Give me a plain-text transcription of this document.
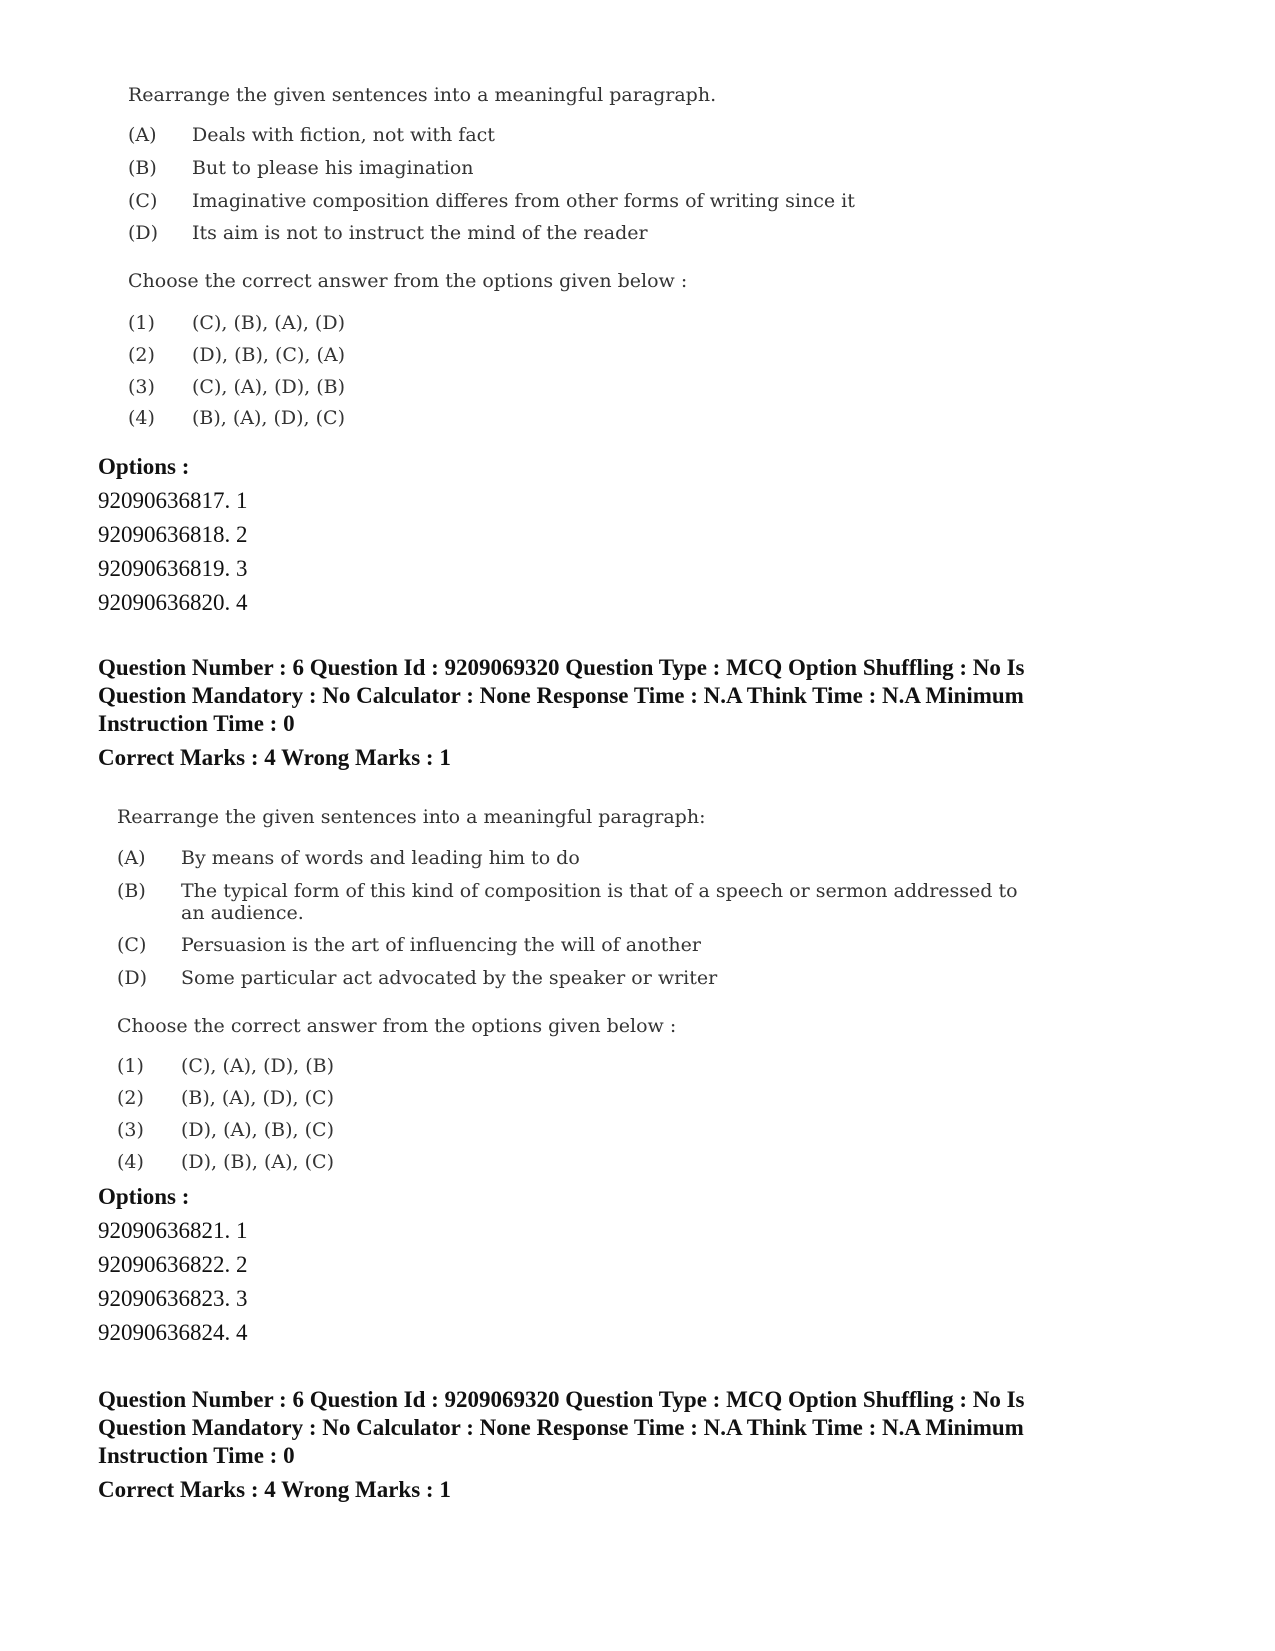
Rearrange the given sentences into a meaningful paragraph.
(A) Deals with fiction, not with fact
(B) But to please his imagination
(C) Imaginative composition differes from other forms of writing since it
(D) Its aim is not to instruct the mind of the reader
Choose the correct answer from the options given below :
(1) (C), (B), (A), (D)
(2) (D), (B), (C), (A)
(3) (C), (A), (D), (B)
(4) (B), (A), (D), (C)
Options :
92090636817. 1
92090636818. 2
92090636819. 3
92090636820. 4
Question Number : 6 Question Id : 9209069320 Question Type : MCQ Option Shuffling : No Is
Question Mandatory : No Calculator : None Response Time : N.A Think Time : N.A Minimum
Instruction Time : 0
Correct Marks : 4 Wrong Marks : 1
Rearrange the given sentences into a meaningful paragraph:
(A) By means of words and leading him to do
(B) The typical form of this kind of composition is that of a speech or sermon addressed to
an audience.
(C) Persuasion is the art of influencing the will of another
(D) Some particular act advocated by the speaker or writer
Choose the correct answer from the options given below :
(1) (C), (A), (D), (B)
(2) (B), (A), (D), (C)
(3) (D), (A), (B), (C)
(4) (D), (B), (A), (C)
Options :
92090636821. 1
92090636822. 2
92090636823. 3
92090636824. 4
Question Number : 6 Question Id : 9209069320 Question Type : MCQ Option Shuffling : No Is
Question Mandatory : No Calculator : None Response Time : N.A Think Time : N.A Minimum
Instruction Time : 0
Correct Marks : 4 Wrong Marks : 1
